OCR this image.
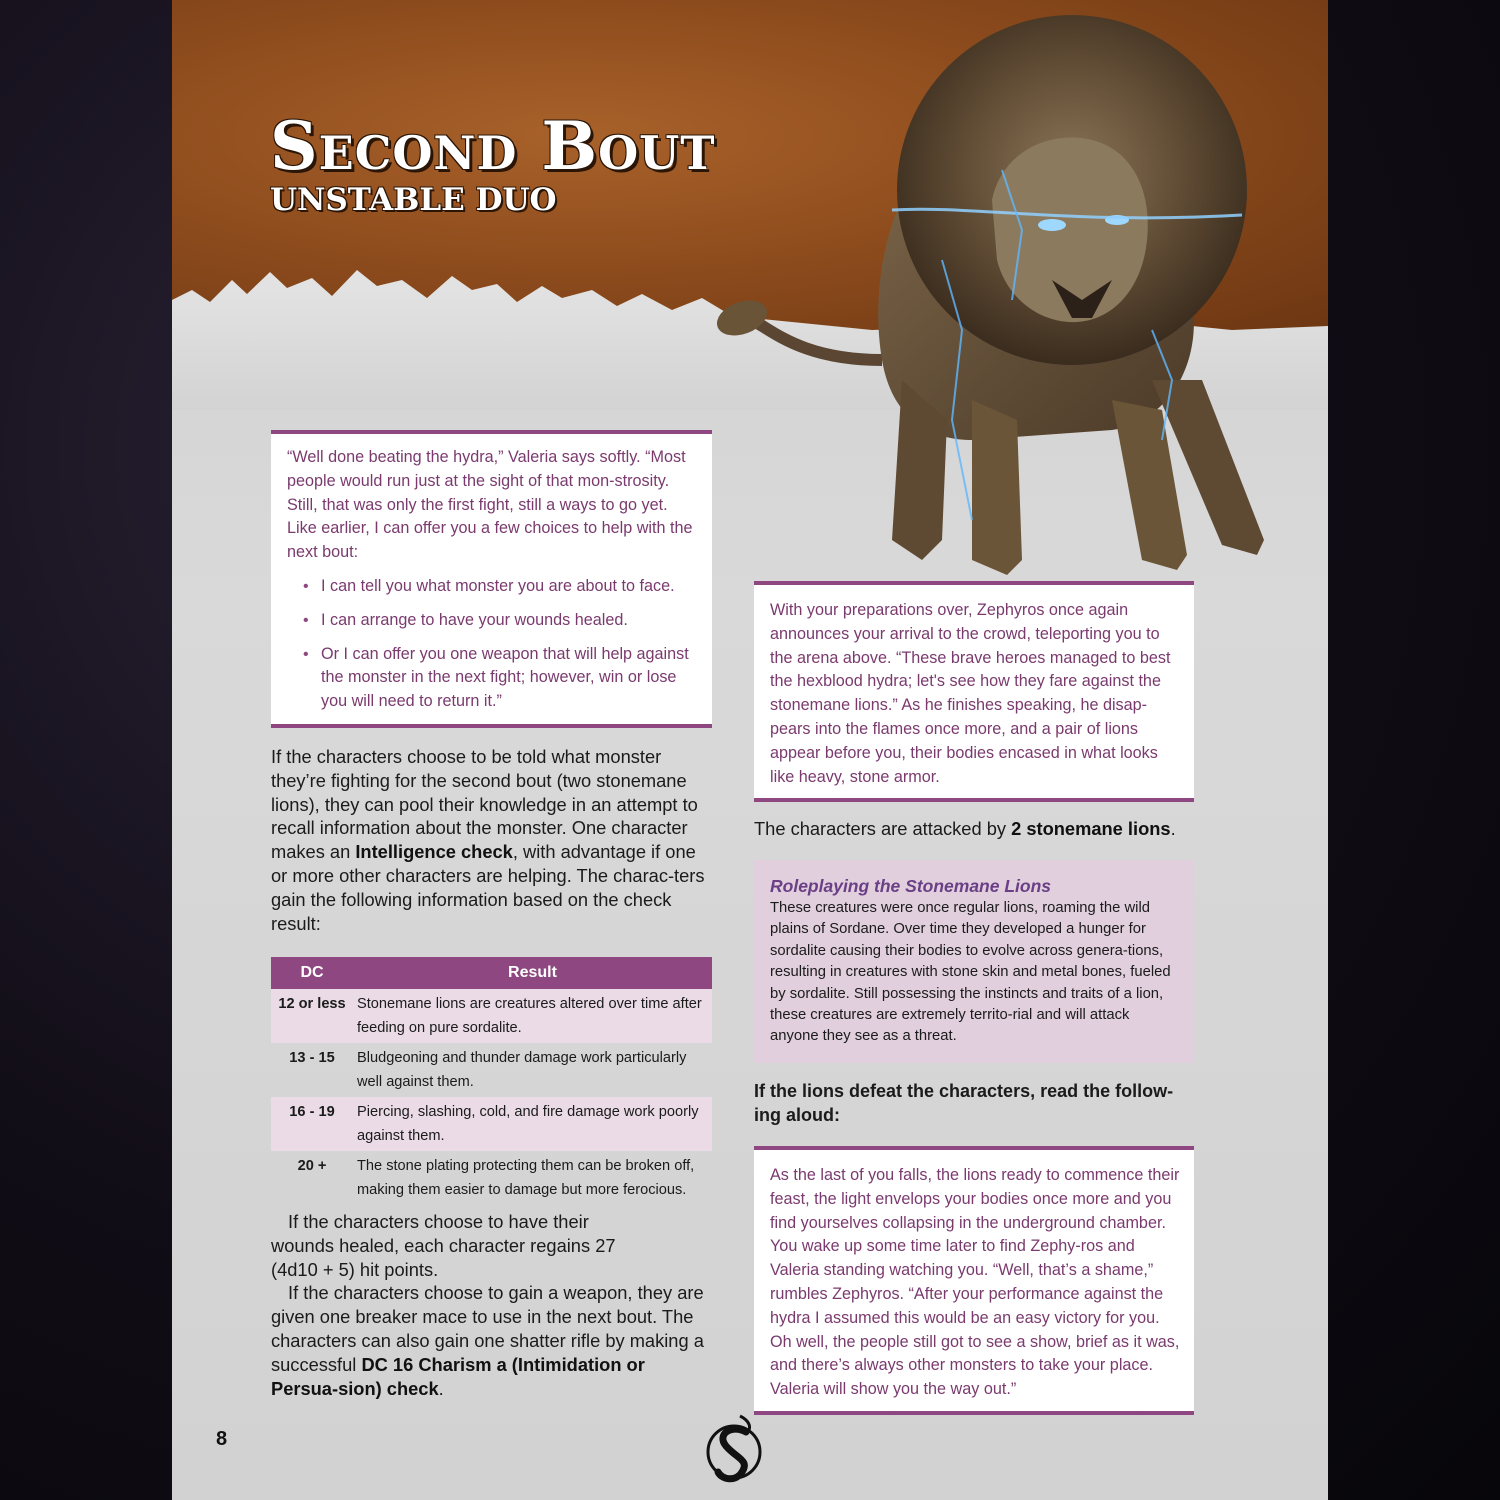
Second Bout
UNSTABLE DUO

“Well done beating the hydra,” Valeria says softly. “Most people would run just at the sight of that mon-strosity. Still, that was only the first fight, still a ways to go yet. Like earlier, I can offer you a few choices to help with the next bout:

• I can tell you what monster you are about to face.
• I can arrange to have your wounds healed.
• Or I can offer you one weapon that will help against the monster in the next fight; however, win or lose you will need to return it.”

If the characters choose to be told what monster they’re fighting for the second bout (two stonemane lions), they can pool their knowledge in an attempt to recall information about the monster. One character makes an Intelligence check, with advantage if one or more other characters are helping. The charac-ters gain the following information based on the check result:

DC	Result
12 or less	Stonemane lions are creatures altered over time after feeding on pure sordalite.
13 - 15	Bludgeoning and thunder damage work particularly well against them.
16 - 19	Piercing, slashing, cold, and fire damage work poorly against them.
20 +	The stone plating protecting them can be broken off, making them easier to damage but more ferocious.

If the characters choose to have their wounds healed, each character regains 27 (4d10 + 5) hit points.

If the characters choose to gain a weapon, they are given one breaker mace to use in the next bout. The characters can also gain one shatter rifle by making a successful DC 16 Charism a (Intimidation or Persua-sion) check.

With your preparations over, Zephyros once again announces your arrival to the crowd, teleporting you to the arena above. “These brave heroes managed to best the hexblood hydra; let's see how they fare against the stonemane lions.” As he finishes speaking, he disap-pears into the flames once more, and a pair of lions appear before you, their bodies encased in what looks like heavy, stone armor.

The characters are attacked by 2 stonemane lions.

Roleplaying the Stonemane Lions

These creatures were once regular lions, roaming the wild plains of Sordane. Over time they developed a hunger for sordalite causing their bodies to evolve across genera-tions, resulting in creatures with stone skin and metal bones, fueled by sordalite. Still possessing the instincts and traits of a lion, these creatures are extremely territo-rial and will attack anyone they see as a threat.

If the lions defeat the characters, read the follow-ing aloud:

As the last of you falls, the lions ready to commence their feast, the light envelops your bodies once more and you find yourselves collapsing in the underground chamber. You wake up some time later to find Zephy-ros and Valeria standing watching you. “Well, that’s a shame,” rumbles Zephyros. “After your performance against the hydra I assumed this would be an easy victory for you. Oh well, the people still got to see a show, brief as it was, and there’s always other monsters to take your place. Valeria will show you the way out.”

8
